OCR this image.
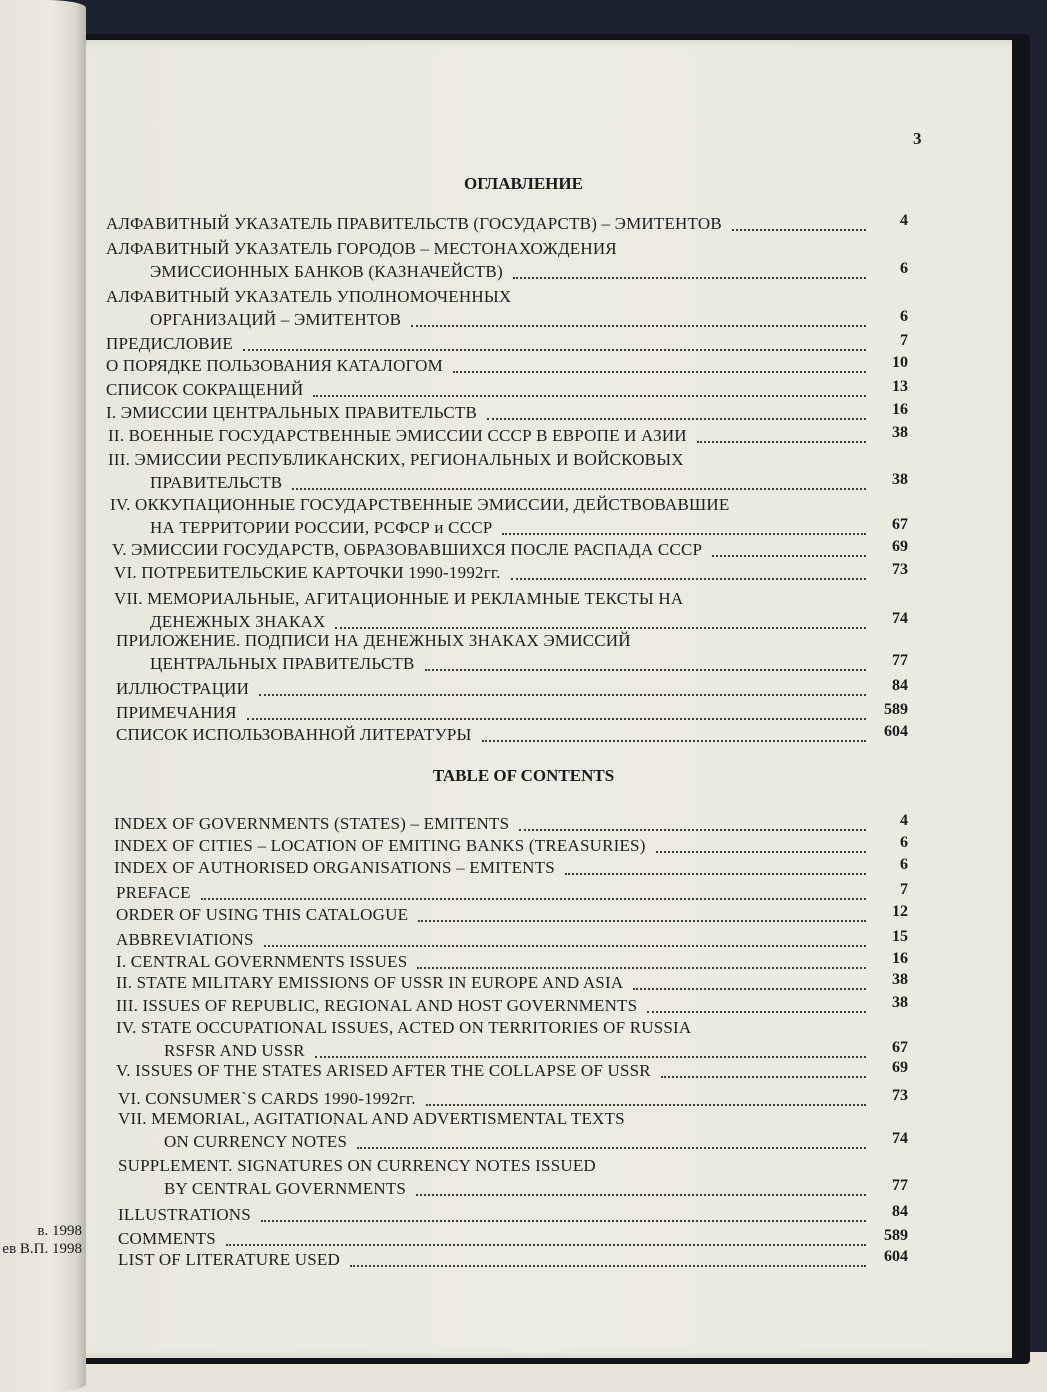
в. 1998
ев В.П. 1998
3
ОГЛАВЛЕНИЕ
АЛФАВИТНЫЙ УКАЗАТЕЛЬ ПРАВИТЕЛЬСТВ (ГОСУДАРСТВ) – ЭМИТЕНТОВ	4
АЛФАВИТНЫЙ УКАЗАТЕЛЬ ГОРОДОВ – МЕСТОНАХОЖДЕНИЯ
ЭМИССИОННЫХ БАНКОВ (КАЗНАЧЕЙСТВ)	6
АЛФАВИТНЫЙ УКАЗАТЕЛЬ УПОЛНОМОЧЕННЫХ
ОРГАНИЗАЦИЙ – ЭМИТЕНТОВ	6
ПРЕДИСЛОВИЕ	7
О ПОРЯДКЕ ПОЛЬЗОВАНИЯ КАТАЛОГОМ	10
СПИСОК СОКРАЩЕНИЙ	13
I. ЭМИССИИ ЦЕНТРАЛЬНЫХ ПРАВИТЕЛЬСТВ	16
II. ВОЕННЫЕ ГОСУДАРСТВЕННЫЕ ЭМИССИИ СССР В ЕВРОПЕ И АЗИИ	38
III. ЭМИССИИ РЕСПУБЛИКАНСКИХ, РЕГИОНАЛЬНЫХ И ВОЙСКОВЫХ
ПРАВИТЕЛЬСТВ	38
IV. ОККУПАЦИОННЫЕ ГОСУДАРСТВЕННЫЕ ЭМИССИИ, ДЕЙСТВОВАВШИЕ
НА ТЕРРИТОРИИ РОССИИ, РСФСР и СССР	67
V. ЭМИССИИ ГОСУДАРСТВ, ОБРАЗОВАВШИХСЯ ПОСЛЕ РАСПАДА СССР	69
VI. ПОТРЕБИТЕЛЬСКИЕ КАРТОЧКИ 1990-1992гг.	73
VII. МЕМОРИАЛЬНЫЕ, АГИТАЦИОННЫЕ И РЕКЛАМНЫЕ ТЕКСТЫ НА
ДЕНЕЖНЫХ ЗНАКАХ	74
ПРИЛОЖЕНИЕ. ПОДПИСИ НА ДЕНЕЖНЫХ ЗНАКАХ ЭМИССИЙ
ЦЕНТРАЛЬНЫХ ПРАВИТЕЛЬСТВ	77
ИЛЛЮСТРАЦИИ	84
ПРИМЕЧАНИЯ	589
СПИСОК ИСПОЛЬЗОВАННОЙ ЛИТЕРАТУРЫ	604
TABLE OF CONTENTS
INDEX OF GOVERNMENTS (STATES) – EMITENTS	4
INDEX OF CITIES – LOCATION OF EMITING BANKS (TREASURIES)	6
INDEX OF AUTHORISED ORGANISATIONS – EMITENTS	6
PREFACE	7
ORDER OF USING THIS CATALOGUE	12
ABBREVIATIONS	15
I. CENTRAL GOVERNMENTS ISSUES	16
II. STATE MILITARY EMISSIONS OF USSR IN EUROPE AND ASIA	38
III. ISSUES OF REPUBLIC, REGIONAL AND HOST GOVERNMENTS	38
IV. STATE OCCUPATIONAL ISSUES, ACTED ON TERRITORIES OF RUSSIA
RSFSR AND USSR	67
V. ISSUES OF THE STATES ARISED AFTER THE COLLAPSE OF USSR	69
VI. CONSUMER`S CARDS 1990-1992гг.	73
VII. MEMORIAL, AGITATIONAL AND ADVERTISMENTAL TEXTS
ON CURRENCY NOTES	74
SUPPLEMENT. SIGNATURES ON CURRENCY NOTES ISSUED
BY CENTRAL GOVERNMENTS	77
ILLUSTRATIONS	84
COMMENTS	589
LIST OF LITERATURE USED	604
